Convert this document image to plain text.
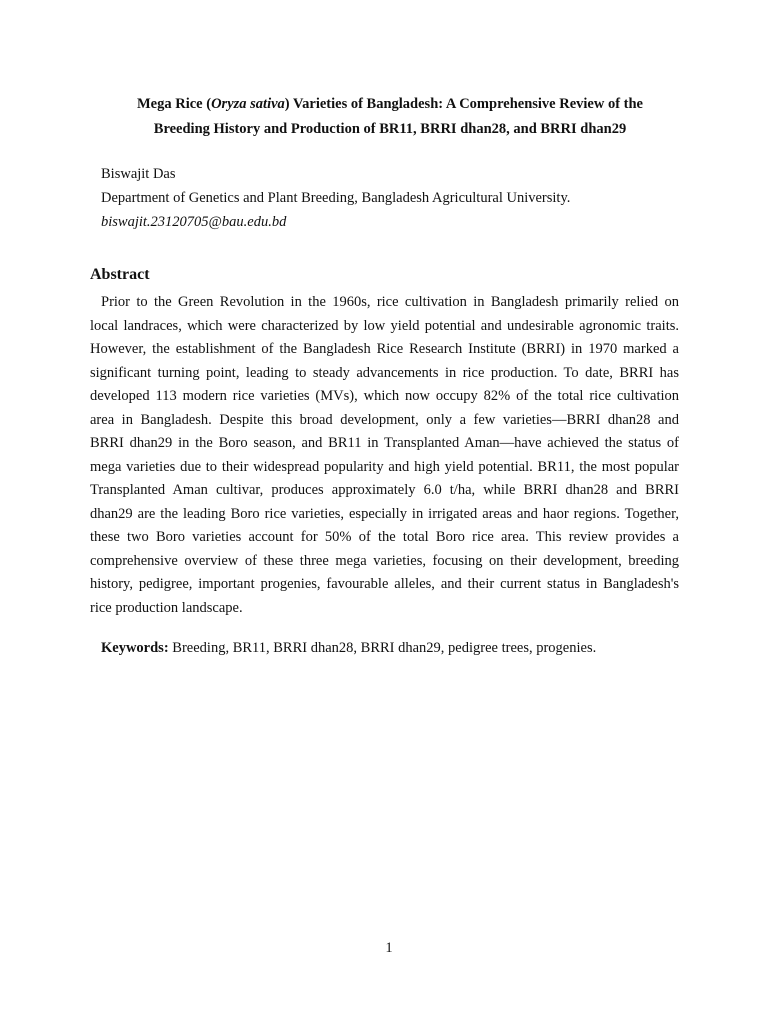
Mega Rice (Oryza sativa) Varieties of Bangladesh: A Comprehensive Review of the
Breeding History and Production of BR11, BRRI dhan28, and BRRI dhan29
Biswajit Das
Department of Genetics and Plant Breeding, Bangladesh Agricultural University.
biswajit.23120705@bau.edu.bd
Abstract
Prior to the Green Revolution in the 1960s, rice cultivation in Bangladesh primarily relied on
local landraces, which were characterized by low yield potential and undesirable agronomic traits.
However, the establishment of the Bangladesh Rice Research Institute (BRRI) in 1970 marked a
significant turning point, leading to steady advancements in rice production. To date, BRRI has
developed 113 modern rice varieties (MVs), which now occupy 82% of the total rice cultivation
area in Bangladesh. Despite this broad development, only a few varieties—BRRI dhan28 and
BRRI dhan29 in the Boro season, and BR11 in Transplanted Aman—have achieved the status of
mega varieties due to their widespread popularity and high yield potential. BR11, the most popular
Transplanted Aman cultivar, produces approximately 6.0 t/ha, while BRRI dhan28 and BRRI
dhan29 are the leading Boro rice varieties, especially in irrigated areas and haor regions. Together,
these two Boro varieties account for 50% of the total Boro rice area. This review provides a
comprehensive overview of these three mega varieties, focusing on their development, breeding
history, pedigree, important progenies, favourable alleles, and their current status in Bangladesh's
rice production landscape.
Keywords: Breeding, BR11, BRRI dhan28, BRRI dhan29, pedigree trees, progenies.
1
